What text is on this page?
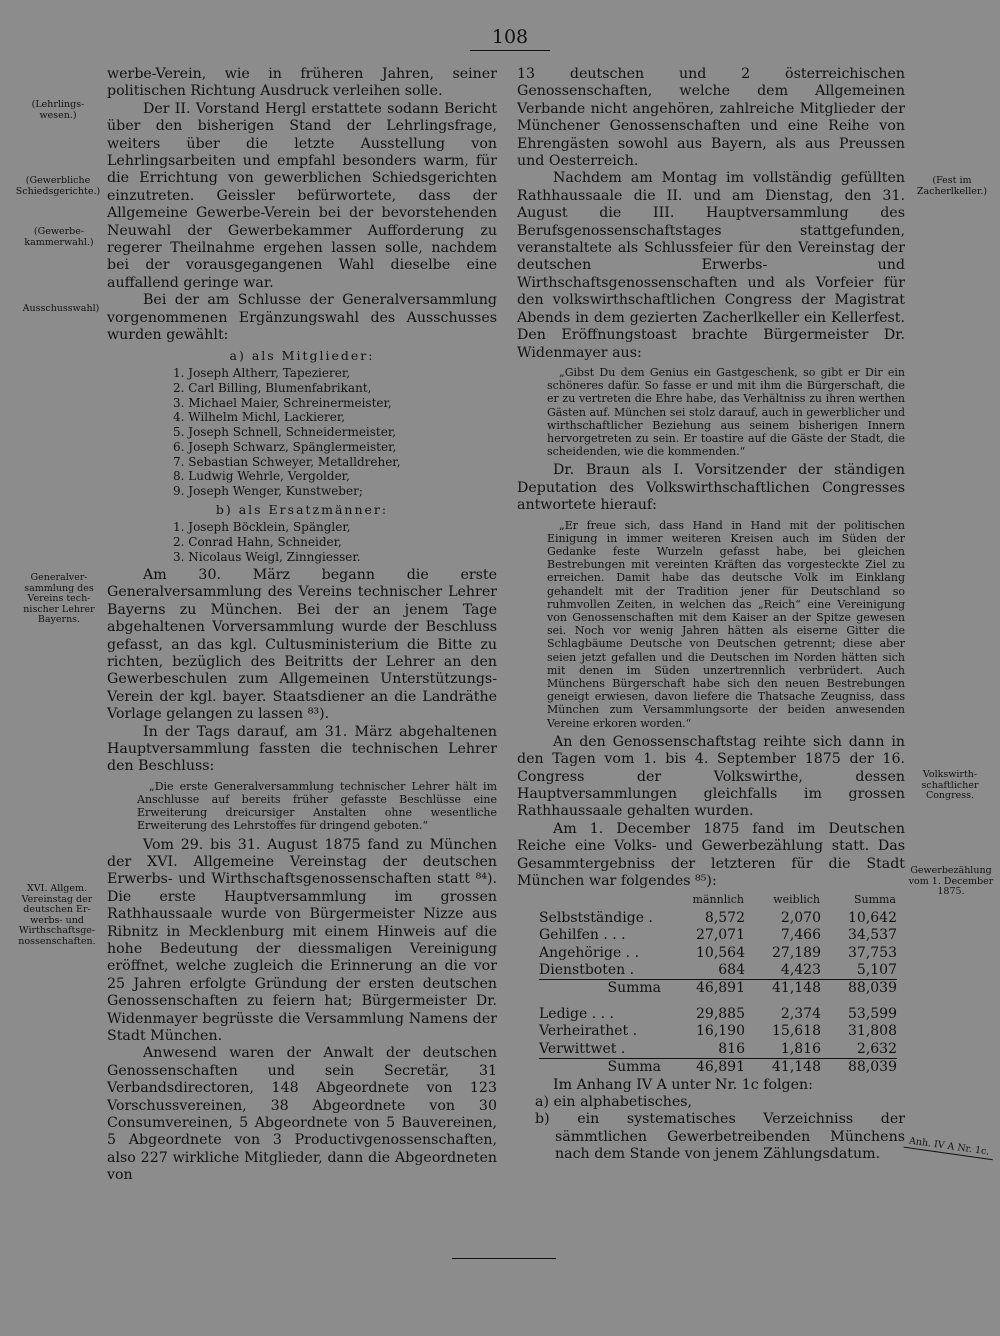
108
(Lehrlings-wesen.)
(Gewerbliche Schiedsgerichte.)
(Gewerbe-kammerwahl.)
Ausschusswahl)
Generalver-sammlung des Vereins tech-nischer Lehrer Bayerns.
XVI. Allgem. Vereinstag der deutschen Er-werbs- und Wirthschaftsge-nossenschaften.
(Fest im Zacherlkeller.)
Volkswirth-schaftlicher Congress.
Gewerbezählung vom 1. December 1875.
Anh. IV A Nr. 1c.

werbe-Verein, wie in früheren Jahren, seiner politischen Richtung Ausdruck verleihen solle.

Der II. Vorstand Hergl erstattete sodann Bericht über den bisherigen Stand der Lehrlingsfrage, weiters über die letzte Ausstellung von Lehrlingsarbeiten und empfahl besonders warm, für die Errichtung von gewerblichen Schiedsgerichten einzutreten. Geissler befürwortete, dass der Allgemeine Gewerbe-Verein bei der bevorstehenden Neuwahl der Gewerbekammer Aufforderung zu regerer Theilnahme ergehen lassen solle, nachdem bei der vorausgegangenen Wahl dieselbe eine auffallend geringe war.

Bei der am Schlusse der Generalversammlung vorgenommenen Ergänzungswahl des Ausschusses wurden gewählt:

a) als Mitglieder:
1. Joseph Altherr, Tapezierer,
2. Carl Billing, Blumenfabrikant,
3. Michael Maier, Schreinermeister,
4. Wilhelm Michl, Lackierer,
5. Joseph Schnell, Schneidermeister,
6. Joseph Schwarz, Spänglermeister,
7. Sebastian Schweyer, Metalldreher,
8. Ludwig Wehrle, Vergolder,
9. Joseph Wenger, Kunstweber;
b) als Ersatzmänner:
1. Joseph Böcklein, Spängler,
2. Conrad Hahn, Schneider,
3. Nicolaus Weigl, Zinngiesser.

Am 30. März begann die erste Generalversammlung des Vereins technischer Lehrer Bayerns zu München. Bei der an jenem Tage abgehaltenen Vorversammlung wurde der Beschluss gefasst, an das kgl. Cultusministerium die Bitte zu richten, bezüglich des Beitritts der Lehrer an den Gewerbeschulen zum Allgemeinen Unterstützungs-Verein der kgl. bayer. Staatsdiener an die Landräthe Vorlage gelangen zu lassen ⁸³).

In der Tags darauf, am 31. März abgehaltenen Hauptversammlung fassten die technischen Lehrer den Beschluss:

„Die erste Generalversammlung technischer Lehrer hält im Anschlusse auf bereits früher gefasste Beschlüsse eine Erweiterung dreicursiger Anstalten ohne wesentliche Erweiterung des Lehrstoffes für dringend geboten.“

Vom 29. bis 31. August 1875 fand zu München der XVI. Allgemeine Vereinstag der deutschen Erwerbs- und Wirthschaftsgenossenschaften statt ⁸⁴). Die erste Hauptversammlung im grossen Rathhaussaale wurde von Bürgermeister Nizze aus Ribnitz in Mecklenburg mit einem Hinweis auf die hohe Bedeutung der diessmaligen Vereinigung eröffnet, welche zugleich die Erinnerung an die vor 25 Jahren erfolgte Gründung der ersten deutschen Genossenschaften zu feiern hat; Bürgermeister Dr. Widenmayer begrüsste die Versammlung Namens der Stadt München.

Anwesend waren der Anwalt der deutschen Genossenschaften und sein Secretär, 31 Verbandsdirectoren, 148 Abgeordnete von 123 Vorschussvereinen, 38 Abgeordnete von 30 Consumvereinen, 5 Abgeordnete von 5 Bauvereinen, 5 Abgeordnete von 3 Productivgenossenschaften, also 227 wirkliche Mitglieder, dann die Abgeordneten von

13 deutschen und 2 österreichischen Genossenschaften, welche dem Allgemeinen Verbande nicht angehören, zahlreiche Mitglieder der Münchener Genossenschaften und eine Reihe von Ehrengästen sowohl aus Bayern, als aus Preussen und Oesterreich.

Nachdem am Montag im vollständig gefüllten Rathhaussaale die II. und am Dienstag, den 31. August die III. Hauptversammlung des Berufsgenossenschaftstages stattgefunden, veranstaltete als Schlussfeier für den Vereinstag der deutschen Erwerbs- und Wirthschaftsgenossenschaften und als Vorfeier für den volkswirthschaftlichen Congress der Magistrat Abends in dem gezierten Zacherlkeller ein Kellerfest. Den Eröffnungstoast brachte Bürgermeister Dr. Widenmayer aus:

„Gibst Du dem Genius ein Gastgeschenk, so gibt er Dir ein schöneres dafür. So fasse er und mit ihm die Bürgerschaft, die er zu vertreten die Ehre habe, das Verhältniss zu ihren werthen Gästen auf. München sei stolz darauf, auch in gewerblicher und wirthschaftlicher Beziehung aus seinem bisherigen Innern hervorgetreten zu sein. Er toastire auf die Gäste der Stadt, die scheidenden, wie die kommenden.“

Dr. Braun als I. Vorsitzender der ständigen Deputation des Volkswirthschaftlichen Congresses antwortete hierauf:

„Er freue sich, dass Hand in Hand mit der politischen Einigung in immer weiteren Kreisen auch im Süden der Gedanke feste Wurzeln gefasst habe, bei gleichen Bestrebungen mit vereinten Kräften das vorgesteckte Ziel zu erreichen. Damit habe das deutsche Volk im Einklang gehandelt mit der Tradition jener für Deutschland so ruhmvollen Zeiten, in welchen das „Reich“ eine Vereinigung von Genossenschaften mit dem Kaiser an der Spitze gewesen sei. Noch vor wenig Jahren hätten als eiserne Gitter die Schlagbäume Deutsche von Deutschen getrennt; diese aber seien jetzt gefallen und die Deutschen im Norden hätten sich mit denen im Süden unzertrennlich verbrüdert. Auch Münchens Bürgerschaft habe sich den neuen Bestrebungen geneigt erwiesen, davon liefere die Thatsache Zeugniss, dass München zum Versammlungsorte der beiden anwesenden Vereine erkoren worden.“

An den Genossenschaftstag reihte sich dann in den Tagen vom 1. bis 4. September 1875 der 16. Congress der Volkswirthe, dessen Hauptversammlungen gleichfalls im grossen Rathhaussaale gehalten wurden.

Am 1. December 1875 fand im Deutschen Reiche eine Volks- und Gewerbezählung statt. Das Gesammtergebniss der letzteren für die Stadt München war folgendes ⁸⁵):

	männlich	weiblich	Summa
Selbstständige .	8,572	2,070	10,642
Gehilfen . . .	27,071	7,466	34,537
Angehörige . .	10,564	27,189	37,753
Dienstboten .	684	4,423	5,107
Summa	46,891	41,148	88,039

Ledige . . .	29,885	2,374	53,599
Verheirathet .	16,190	15,618	31,808
Verwittwet .	816	1,816	2,632
Summa	46,891	41,148	88,039

Im Anhang IV A unter Nr. 1c folgen:

a) ein alphabetisches,

b) ein systematisches Verzeichniss der sämmtlichen Gewerbetreibenden Münchens nach dem Stande von jenem Zählungsdatum.
